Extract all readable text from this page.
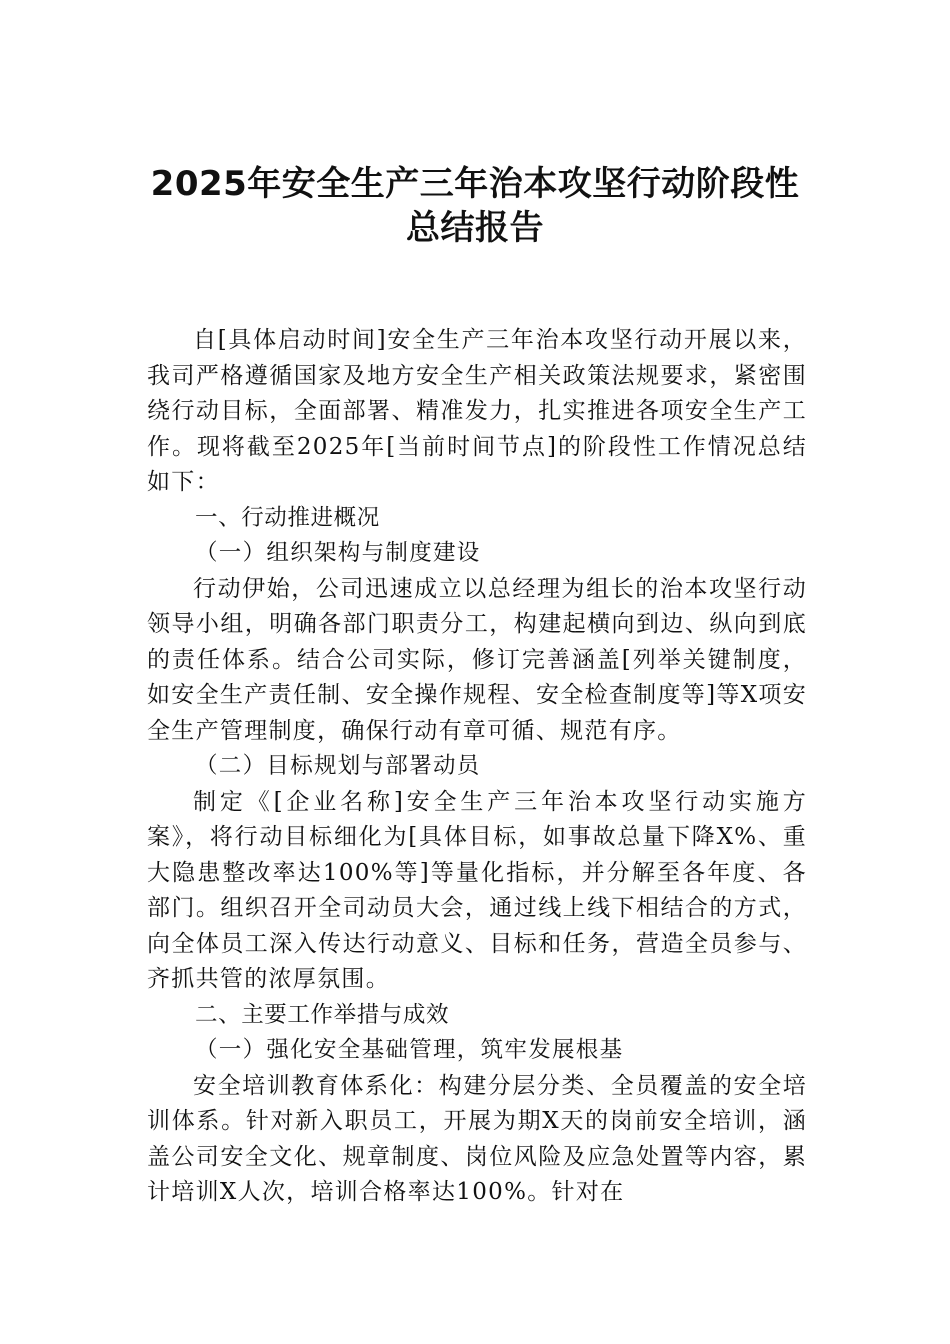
2025年安全生产三年治本攻坚行动阶段性
总结报告

自[具体启动时间]安全生产三年治本攻坚行动开展以来，我司严格遵循国家及地方安全生产相关政策法规要求，紧密围绕行动目标，全面部署、精准发力，扎实推进各项安全生产工作。现将截至2025年[当前时间节点]的阶段性工作情况总结如下：

一、行动推进概况

（一）组织架构与制度建设

行动伊始，公司迅速成立以总经理为组长的治本攻坚行动领导小组，明确各部门职责分工，构建起横向到边、纵向到底的责任体系。结合公司实际，修订完善涵盖[列举关键制度，如安全生产责任制、安全操作规程、安全检查制度等]等X项安全生产管理制度，确保行动有章可循、规范有序。

（二）目标规划与部署动员

制定《[企业名称]安全生产三年治本攻坚行动实施方案》，将行动目标细化为[具体目标，如事故总量下降X%、重大隐患整改率达100%等]等量化指标，并分解至各年度、各部门。组织召开全司动员大会，通过线上线下相结合的方式，向全体员工深入传达行动意义、目标和任务，营造全员参与、齐抓共管的浓厚氛围。

二、主要工作举措与成效

（一）强化安全基础管理，筑牢发展根基

安全培训教育体系化：构建分层分类、全员覆盖的安全培训体系。针对新入职员工，开展为期X天的岗前安全培训，涵盖公司安全文化、规章制度、岗位风险及应急处置等内容，累计培训X人次，培训合格率达100%。针对在
